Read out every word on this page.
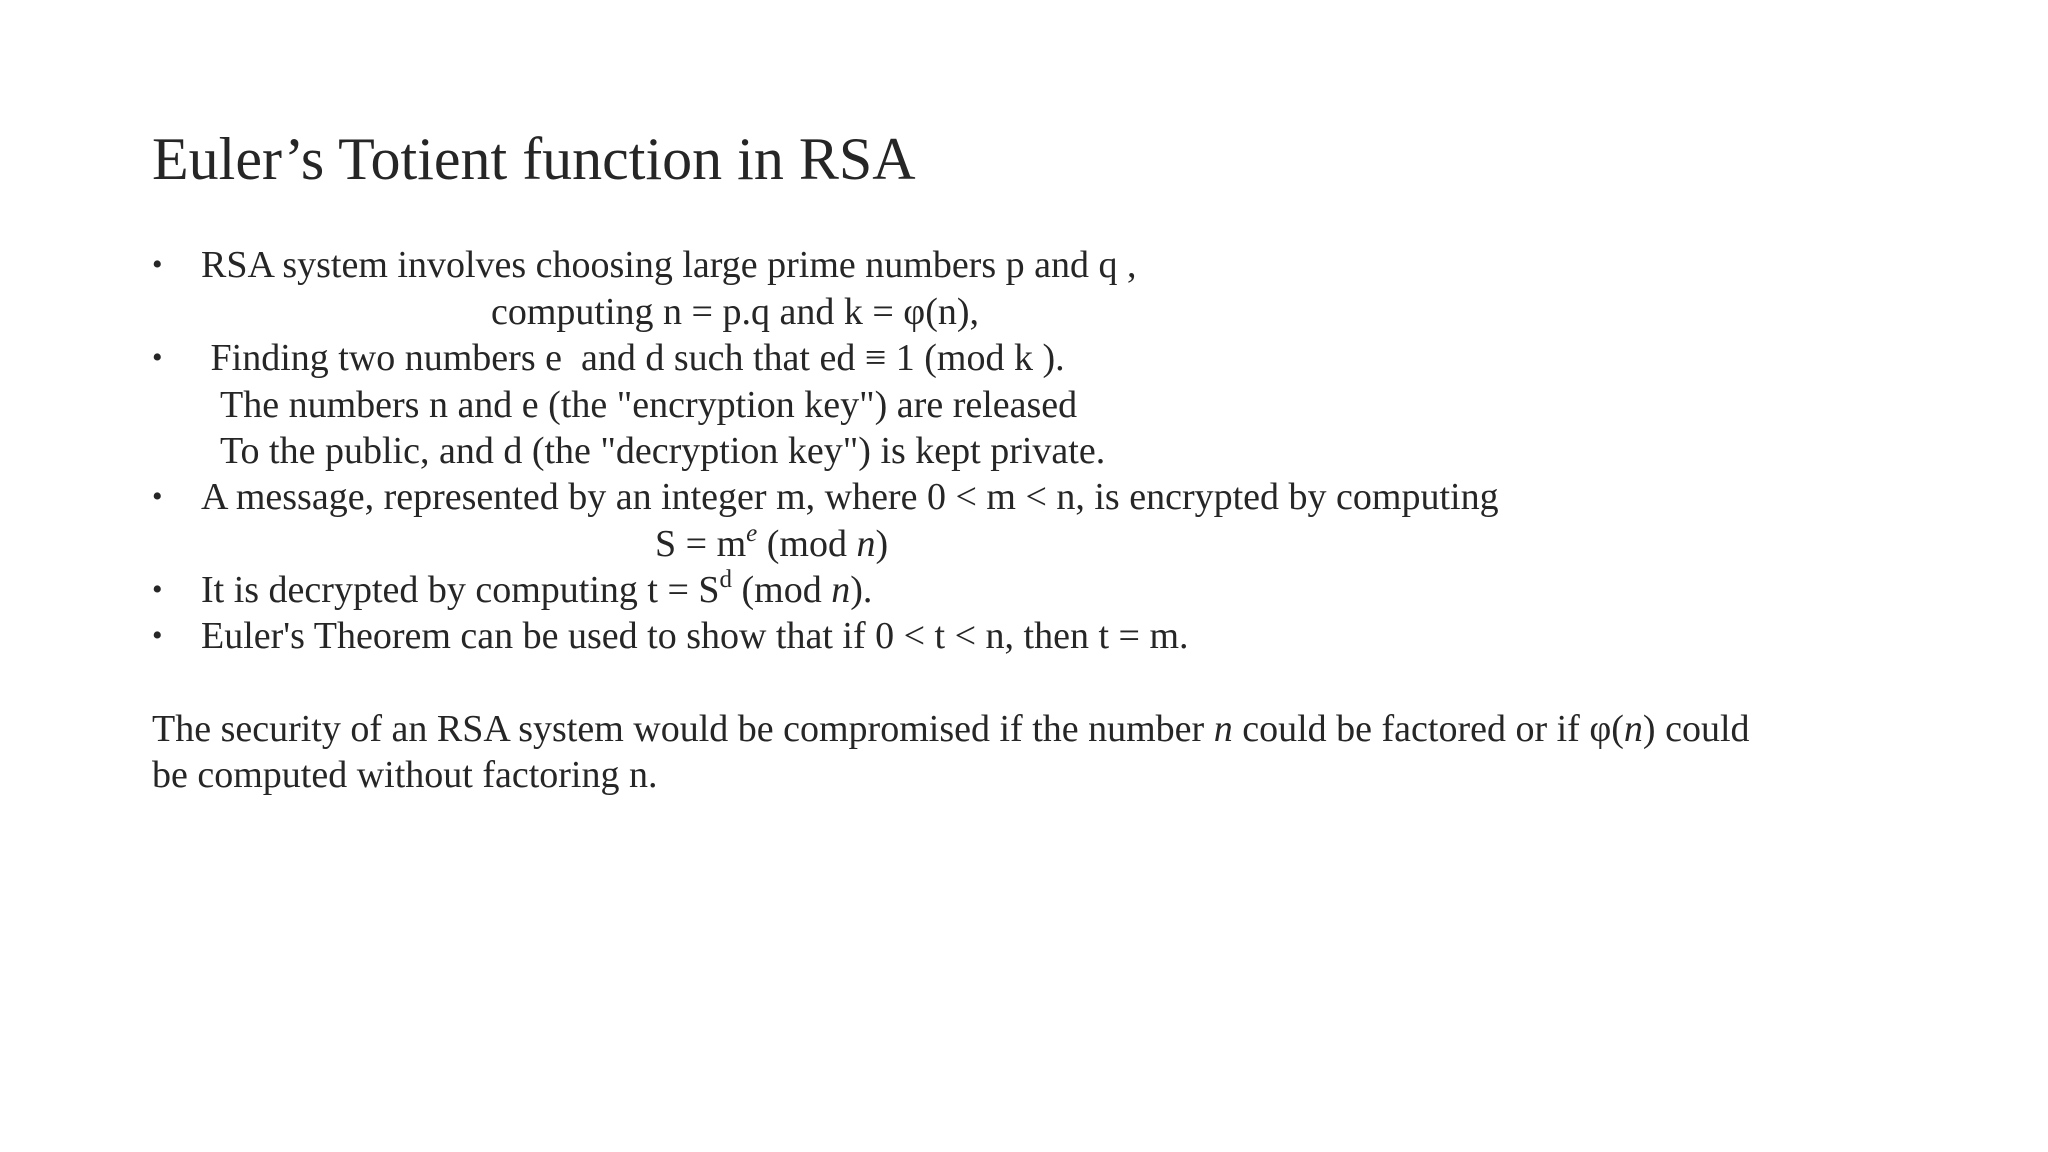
Euler’s Totient function in RSA
• RSA system involves choosing large prime numbers p and q ,
computing n = p.q and k = φ(n),
• Finding two numbers e  and d such that ed ≡ 1 (mod k ).
The numbers n and e (the "encryption key") are released
To the public, and d (the "decryption key") is kept private.
• A message, represented by an integer m, where 0 < m < n, is encrypted by computing
$S = m^e$ (mod n)
• It is decrypted by computing $t = S^d$ (mod n).
• Euler's Theorem can be used to show that if 0 < t < n, then t = m.
The security of an RSA system would be compromised if the number n could be factored or if φ(n) could
be computed without factoring n.
